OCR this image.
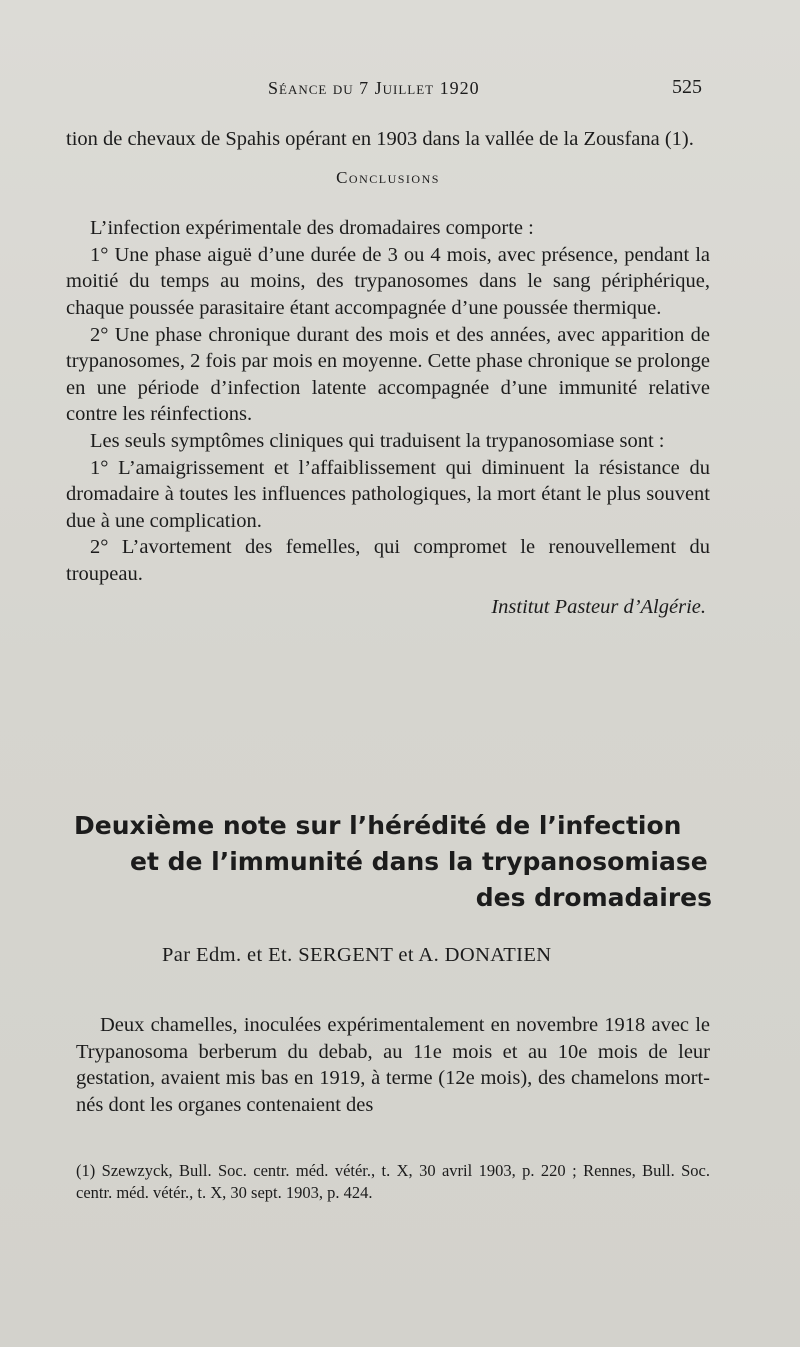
Séance du 7 Juillet 1920	525

tion de chevaux de Spahis opérant en 1903 dans la vallée de la Zousfana (1).

Conclusions

L’infection expérimentale des dromadaires comporte :

1° Une phase aiguë d’une durée de 3 ou 4 mois, avec présence, pendant la moitié du temps au moins, des trypanosomes dans le sang périphérique, chaque poussée parasitaire étant accompagnée d’une poussée thermique.

2° Une phase chronique durant des mois et des années, avec apparition de trypanosomes, 2 fois par mois en moyenne. Cette phase chronique se prolonge en une période d’infection latente accompagnée d’une immunité relative contre les réinfections.

Les seuls symptômes cliniques qui traduisent la trypanosomiase sont :

1° L’amaigrissement et l’affaiblissement qui diminuent la résistance du dromadaire à toutes les influences pathologiques, la mort étant le plus souvent due à une complication.

2° L’avortement des femelles, qui compromet le renouvellement du troupeau.

Institut Pasteur d’Algérie.

Deuxième note sur l’hérédité de l’infection
et de l’immunité dans la trypanosomiase
des dromadaires
Par Edm. et Et. SERGENT et A. DONATIEN

Deux chamelles, inoculées expérimentalement en novembre 1918 avec le Trypanosoma berberum du debab, au 11e mois et au 10e mois de leur gestation, avaient mis bas en 1919, à terme (12e mois), des chamelons mort-nés dont les organes contenaient des

(1) Szewzyck, Bull. Soc. centr. méd. vétér., t. X, 30 avril 1903, p. 220 ; Rennes, Bull. Soc. centr. méd. vétér., t. X, 30 sept. 1903, p. 424.
